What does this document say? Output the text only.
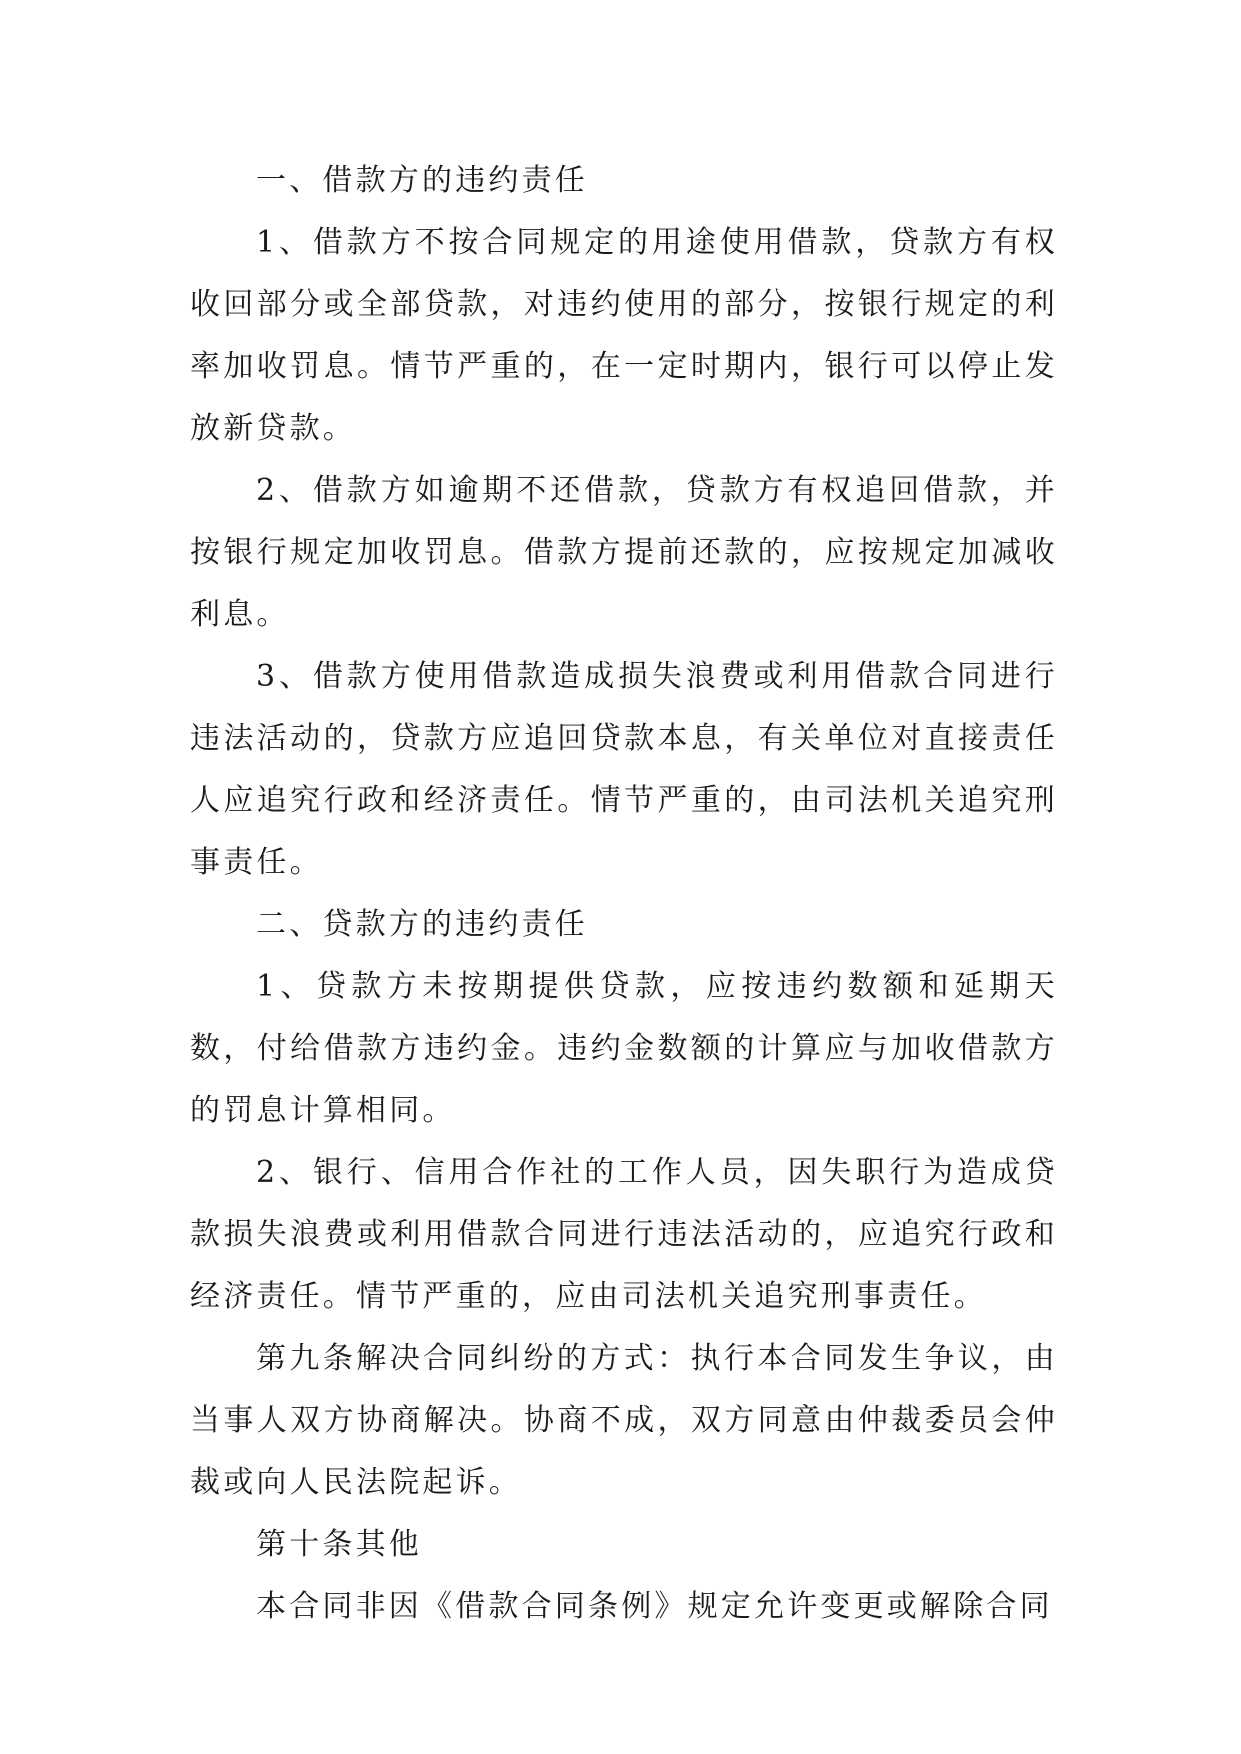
一、借款方的违约责任

1、借款方不按合同规定的用途使用借款，贷款方有权收回部分或全部贷款，对违约使用的部分，按银行规定的利率加收罚息。情节严重的，在一定时期内，银行可以停止发放新贷款。

2、借款方如逾期不还借款，贷款方有权追回借款，并按银行规定加收罚息。借款方提前还款的，应按规定加减收利息。

3、借款方使用借款造成损失浪费或利用借款合同进行违法活动的，贷款方应追回贷款本息，有关单位对直接责任人应追究行政和经济责任。情节严重的，由司法机关追究刑事责任。

二、贷款方的违约责任

1、贷款方未按期提供贷款，应按违约数额和延期天数，付给借款方违约金。违约金数额的计算应与加收借款方的罚息计算相同。

2、银行、信用合作社的工作人员，因失职行为造成贷款损失浪费或利用借款合同进行违法活动的，应追究行政和经济责任。情节严重的，应由司法机关追究刑事责任。

第九条解决合同纠纷的方式：执行本合同发生争议，由当事人双方协商解决。协商不成，双方同意由仲裁委员会仲裁或向人民法院起诉。

第十条其他

本合同非因《借款合同条例》规定允许变更或解除合同
